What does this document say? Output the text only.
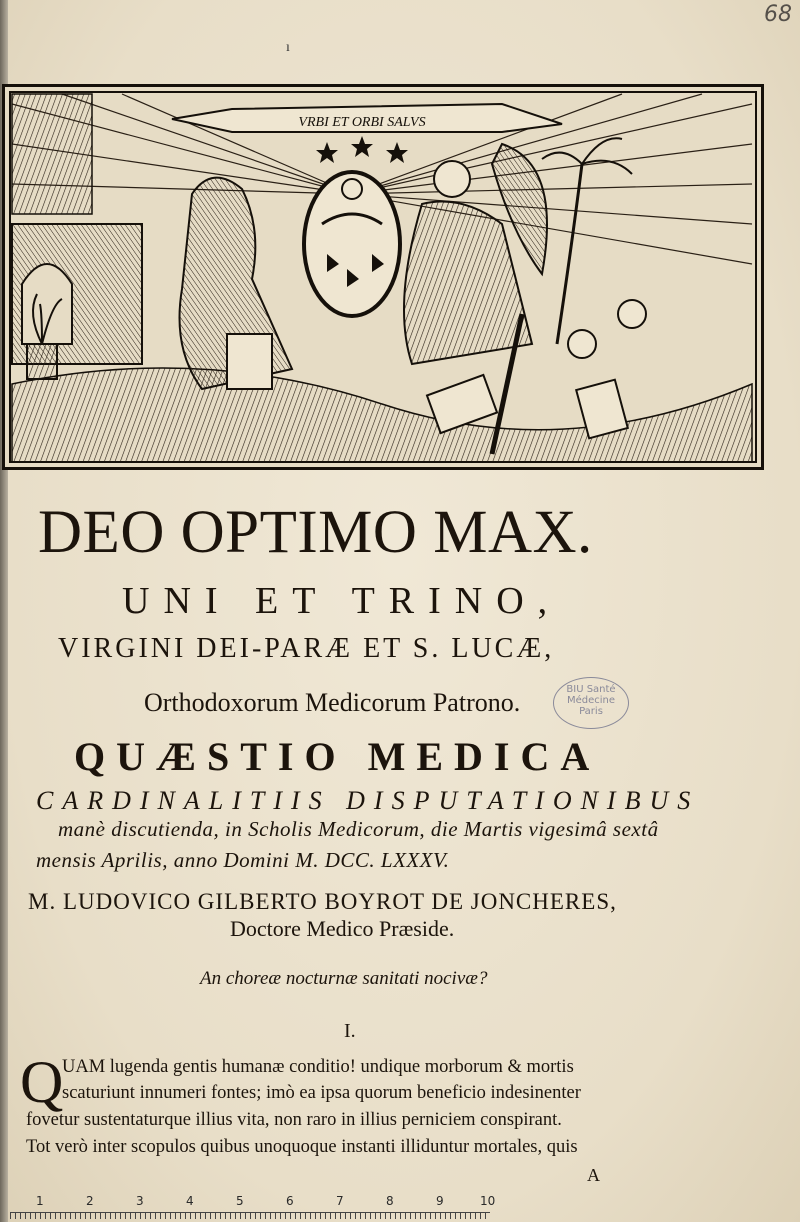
68
ı
VRBI ET ORBI SALVS
DEO OPTIMO MAX.
UNI ET TRINO,
VIRGINI DEI-PARÆ ET S. LUCÆ,
Orthodoxorum Medicorum Patrono.	BIU Santé
Médecine
Paris
QUÆSTIO MEDICA
CARDINALITIIS DISPUTATIONIBUS
manè discutienda, in Scholis Medicorum, die Martis vigesimâ sextâ
mensis Aprilis, anno Domini M. DCC. LXXXV.
M. LUDOVICO GILBERTO BOYROT DE JONCHERES,
Doctore Medico Præside.
An choreæ nocturnæ sanitati nocivæ?
I.
Q
UAM lugenda gentis humanæ conditio! undique morborum & mortis
scaturiunt innumeri fontes; imò ea ipsa quorum beneficio indesinenter
fovetur sustentaturque illius vita, non raro in illius perniciem conspirant.
Tot verò inter scopulos quibus unoquoque instanti illiduntur mortales, quis
A
1	2	3	4	5	6	7	8	9	10
